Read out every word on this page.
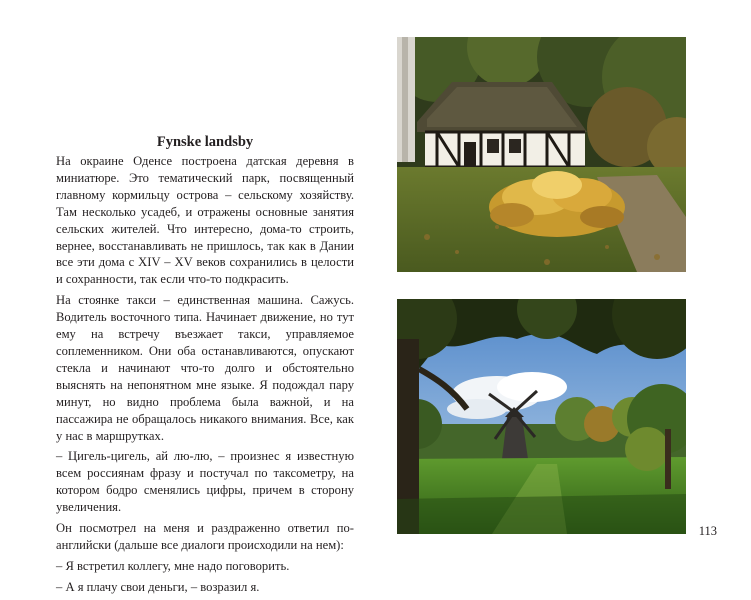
Fynske landsby

На окраине Оденсе построена датская деревня в миниатюре. Это тематический парк, посвященный главному кормильцу острова – сельскому хозяйству. Там несколько усадеб, и отражены основные занятия сельских жителей. Что интересно, дома-то строить, вернее, восстанавливать не пришлось, так как в Дании все эти дома с XIV – XV веков сохранились в целости и сохранности, так если что-то подкрасить.

На стоянке такси – единственная машина. Сажусь. Водитель восточного типа. Начинает движение, но тут ему на встречу въезжает такси, управляемое соплеменником. Они оба останавливаются, опускают стекла и начинают что-то долго и обстоятельно выяснять на непонятном мне языке. Я подождал пару минут, но видно проблема была важной, и на пассажира не обращалось никакого внимания. Все, как у нас в маршрутках.

– Цигель-цигель, ай лю-лю, – произнес я известную всем россиянам фразу и постучал по таксометру, на котором бодро сменялись цифры, причем в сторону увеличения.

Он посмотрел на меня и раздраженно ответил по-английски (дальше все диалоги происходили на нем):

– Я встретил коллегу, мне надо поговорить.

– А я плачу свои деньги, – возразил я.

113
